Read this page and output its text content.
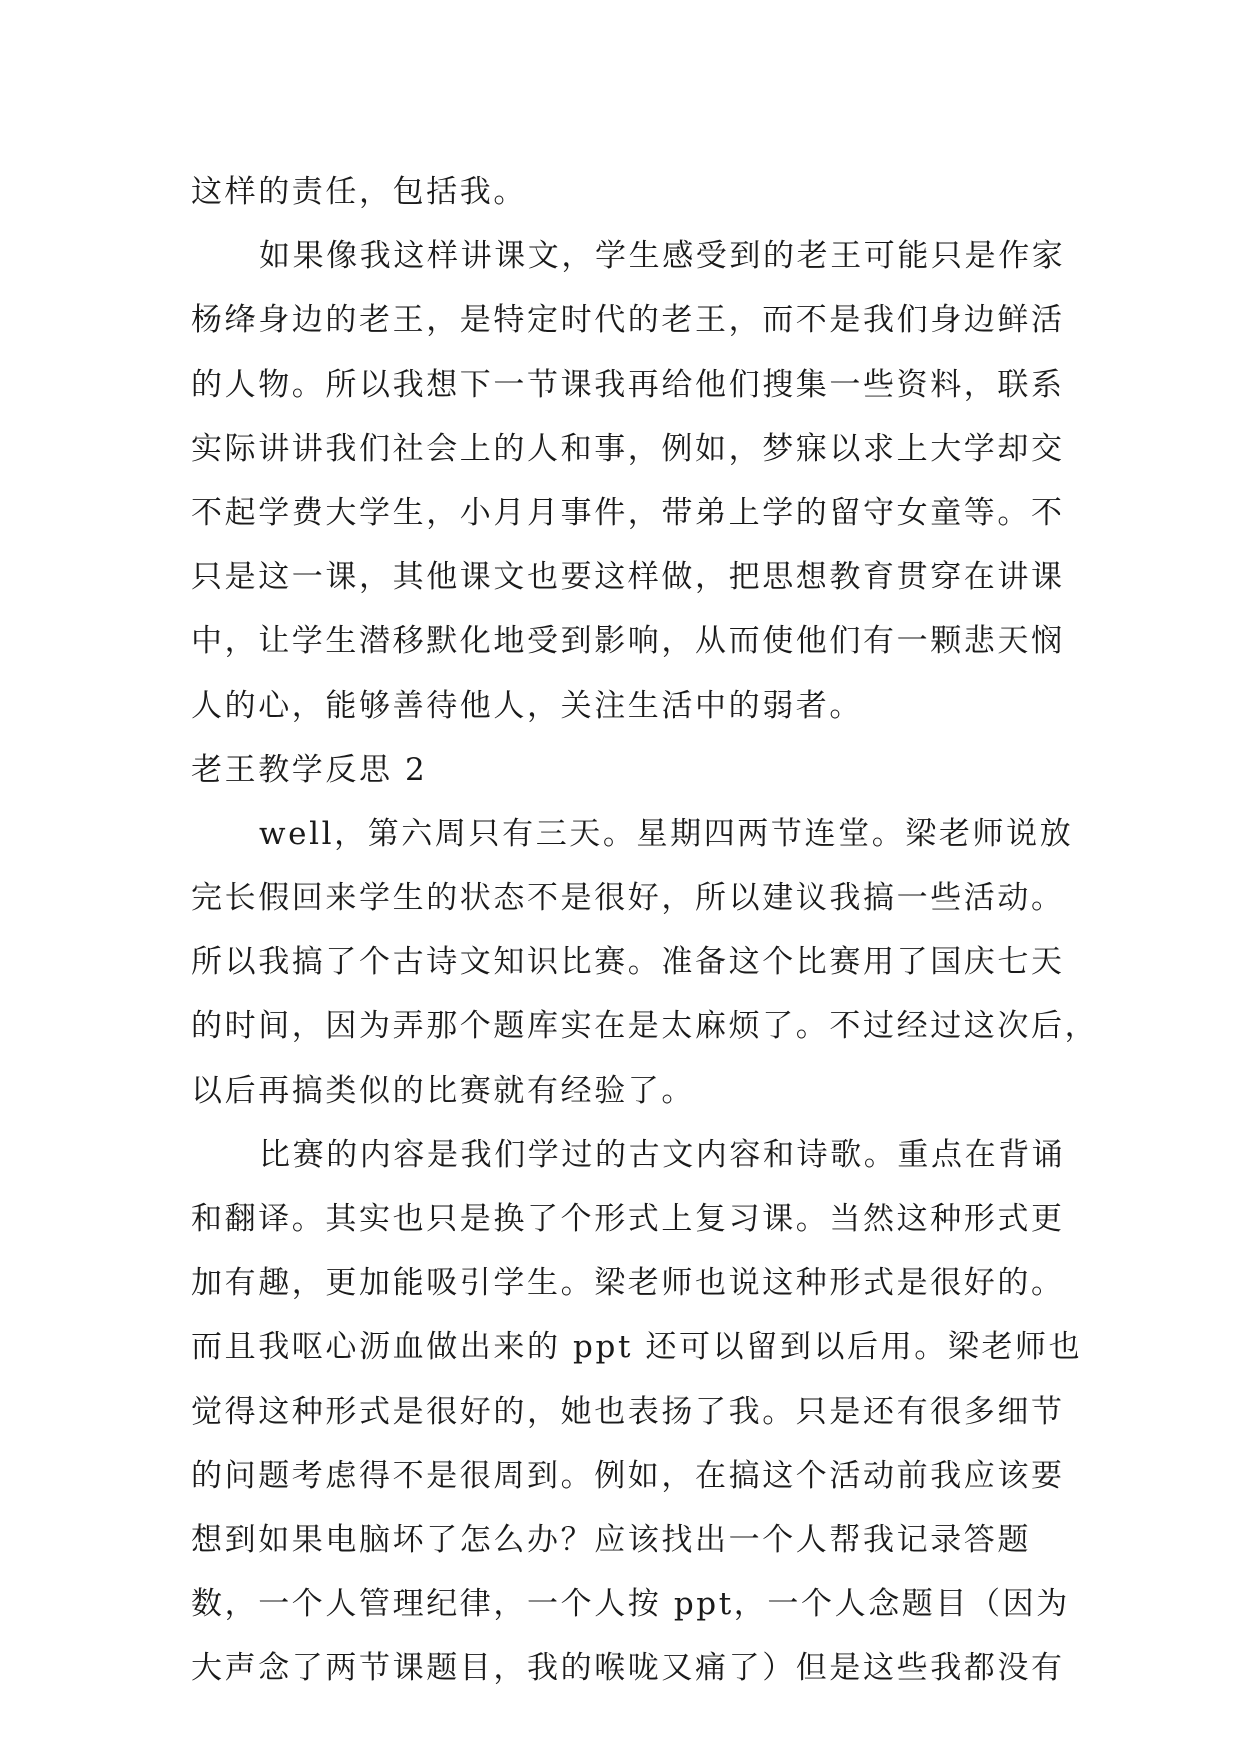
这样的责任，包括我。
如果像我这样讲课文，学生感受到的老王可能只是作家
杨绛身边的老王，是特定时代的老王，而不是我们身边鲜活
的人物。所以我想下一节课我再给他们搜集一些资料，联系
实际讲讲我们社会上的人和事，例如，梦寐以求上大学却交
不起学费大学生，小月月事件，带弟上学的留守女童等。不
只是这一课，其他课文也要这样做，把思想教育贯穿在讲课
中，让学生潜移默化地受到影响，从而使他们有一颗悲天悯
人的心，能够善待他人，关注生活中的弱者。
老王教学反思 2
well，第六周只有三天。星期四两节连堂。梁老师说放
完长假回来学生的状态不是很好，所以建议我搞一些活动。
所以我搞了个古诗文知识比赛。准备这个比赛用了国庆七天
的时间，因为弄那个题库实在是太麻烦了。不过经过这次后，
以后再搞类似的比赛就有经验了。
比赛的内容是我们学过的古文内容和诗歌。重点在背诵
和翻译。其实也只是换了个形式上复习课。当然这种形式更
加有趣，更加能吸引学生。梁老师也说这种形式是很好的。
而且我呕心沥血做出来的 ppt 还可以留到以后用。梁老师也
觉得这种形式是很好的，她也表扬了我。只是还有很多细节
的问题考虑得不是很周到。例如，在搞这个活动前我应该要
想到如果电脑坏了怎么办？应该找出一个人帮我记录答题
数，一个人管理纪律，一个人按 ppt，一个人念题目（因为
大声念了两节课题目，我的喉咙又痛了）但是这些我都没有
